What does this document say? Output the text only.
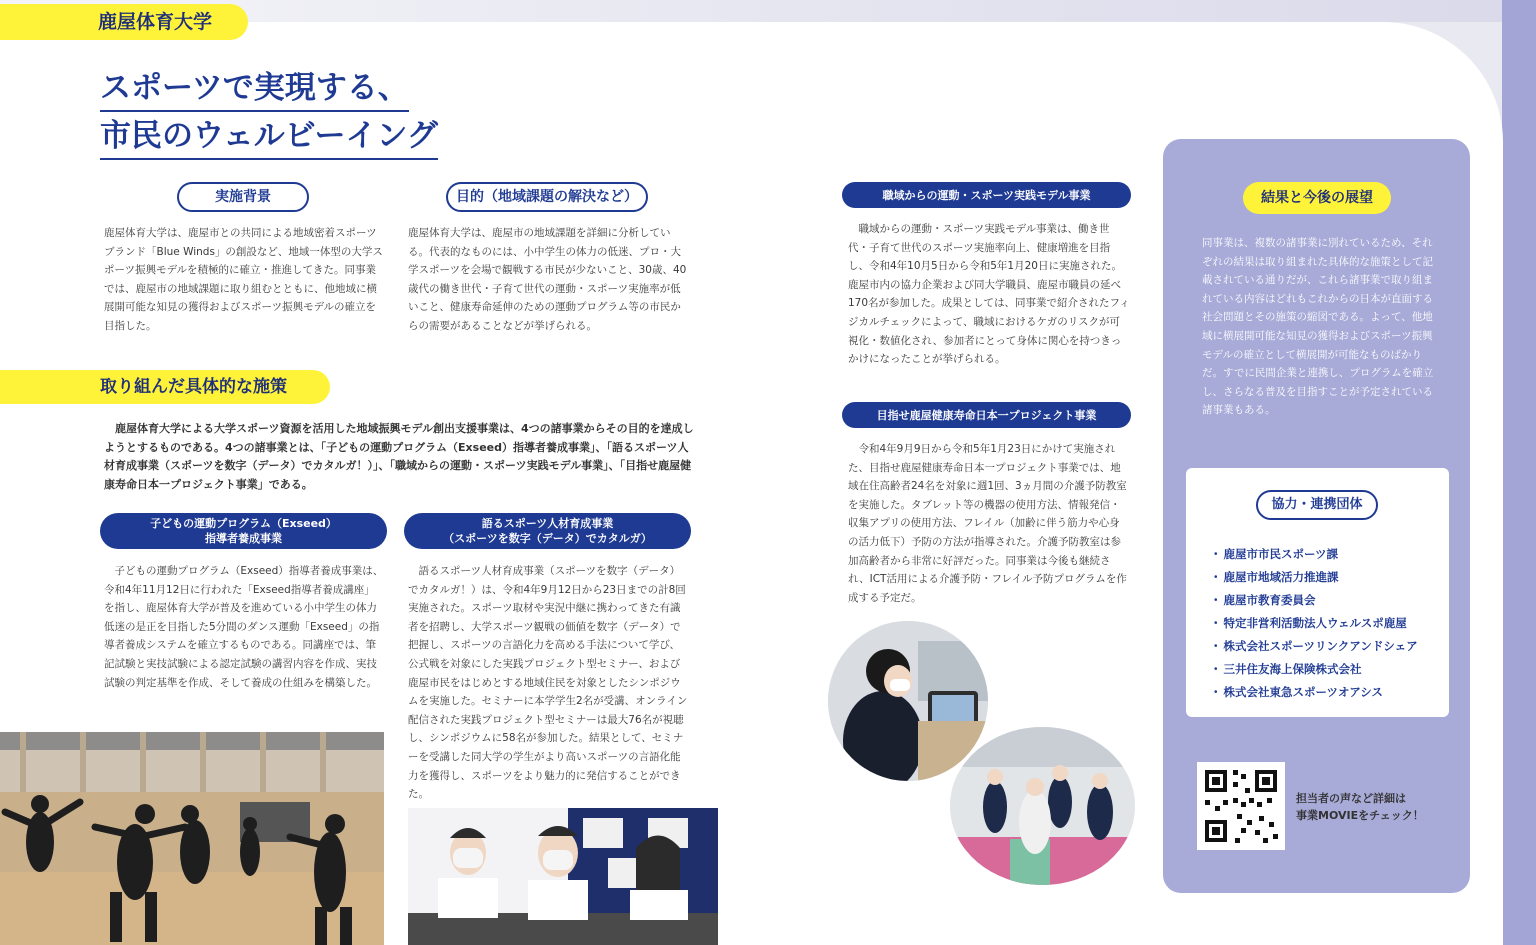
鹿屋体育大学
スポーツで実現する、
市民のウェルビーイング
実施背景
鹿屋体育大学は、鹿屋市との共同による地域密着スポーツブランド「Blue Winds」の創設など、地域一体型の大学スポーツ振興モデルを積極的に確立・推進してきた。同事業では、鹿屋市の地域課題に取り組むとともに、他地域に横展開可能な知見の獲得およびスポーツ振興モデルの確立を目指した。
目的（地域課題の解決など）
鹿屋体育大学は、鹿屋市の地域課題を詳細に分析している。代表的なものには、小中学生の体力の低迷、プロ・大学スポーツを会場で観戦する市民が少ないこと、30歳、40歳代の働き世代・子育て世代の運動・スポーツ実施率が低いこと、健康寿命延伸のための運動プログラム等の市民からの需要があることなどが挙げられる。
取り組んだ具体的な施策
鹿屋体育大学による大学スポーツ資源を活用した地域振興モデル創出支援事業は、4つの諸事業からその目的を達成しようとするものである。4つの諸事業とは、「子どもの運動プログラム（Exseed）指導者養成事業」、「語るスポーツ人材育成事業（スポーツを数字（データ）でカタルガ！）」、「職域からの運動・スポーツ実践モデル事業」、「目指せ鹿屋健康寿命日本一プロジェクト事業」である。
子どもの運動プログラム（Exseed）
指導者養成事業
子どもの運動プログラム（Exseed）指導者養成事業は、令和4年11月12日に行われた「Exseed指導者養成講座」を指し、鹿屋体育大学が普及を進めている小中学生の体力低迷の是正を目指した5分間のダンス運動「Exseed」の指導者養成システムを確立するものである。同講座では、筆記試験と実技試験による認定試験の講習内容を作成、実技試験の判定基準を作成、そして養成の仕組みを構築した。
語るスポーツ人材育成事業
（スポーツを数字（データ）でカタルガ）
語るスポーツ人材育成事業（スポーツを数字（データ）でカタルガ！）は、令和4年9月12日から23日までの計8回実施された。スポーツ取材や実況中継に携わってきた有識者を招聘し、大学スポーツ観戦の価値を数字（データ）で把握し、スポーツの言語化力を高める手法について学び、公式戦を対象にした実践プロジェクト型セミナー、および鹿屋市民をはじめとする地域住民を対象としたシンポジウムを実施した。セミナーに本学学生2名が受講、オンライン配信された実践プロジェクト型セミナーは最大76名が視聴し、シンポジウムに58名が参加した。結果として、セミナーを受講した同大学の学生がより高いスポーツの言語化能力を獲得し、スポーツをより魅力的に発信することができた。
職域からの運動・スポーツ実践モデル事業
職域からの運動・スポーツ実践モデル事業は、働き世代・子育て世代のスポーツ実施率向上、健康増進を目指し、令和4年10月5日から令和5年1月20日に実施された。鹿屋市内の協力企業および同大学職員、鹿屋市職員の延べ170名が参加した。成果としては、同事業で紹介されたフィジカルチェックによって、職域におけるケガのリスクが可視化・数値化され、参加者にとって身体に関心を持つきっかけになったことが挙げられる。
目指せ鹿屋健康寿命日本一プロジェクト事業
令和4年9月9日から令和5年1月23日にかけて実施された、目指せ鹿屋健康寿命日本一プロジェクト事業では、地域在住高齢者24名を対象に週1回、3ヵ月間の介護予防教室を実施した。タブレット等の機器の使用方法、情報発信・収集アプリの使用方法、フレイル（加齢に伴う筋力や心身の活力低下）予防の方法が指導された。介護予防教室は参加高齢者から非常に好評だった。同事業は今後も継続され、ICT活用による介護予防・フレイル予防プログラムを作成する予定だ。
結果と今後の展望
同事業は、複数の諸事業に別れているため、それぞれの結果は取り組まれた具体的な施策として記載されている通りだが、これら諸事業で取り組まれている内容はどれもこれからの日本が直面する社会問題とその施策の縮図である。よって、他地域に横展開可能な知見の獲得およびスポーツ振興モデルの確立として横展開が可能なものばかりだ。すでに民間企業と連携し、プログラムを確立し、さらなる普及を目指すことが予定されている諸事業もある。
協力・連携団体
・ 鹿屋市市民スポーツ課
・ 鹿屋市地域活力推進課
・ 鹿屋市教育委員会
・ 特定非営利活動法人ウェルスポ鹿屋
・ 株式会社スポーツリンクアンドシェア
・ 三井住友海上保険株式会社
・ 株式会社東急スポーツオアシス
担当者の声など詳細は
事業MOVIEをチェック！
